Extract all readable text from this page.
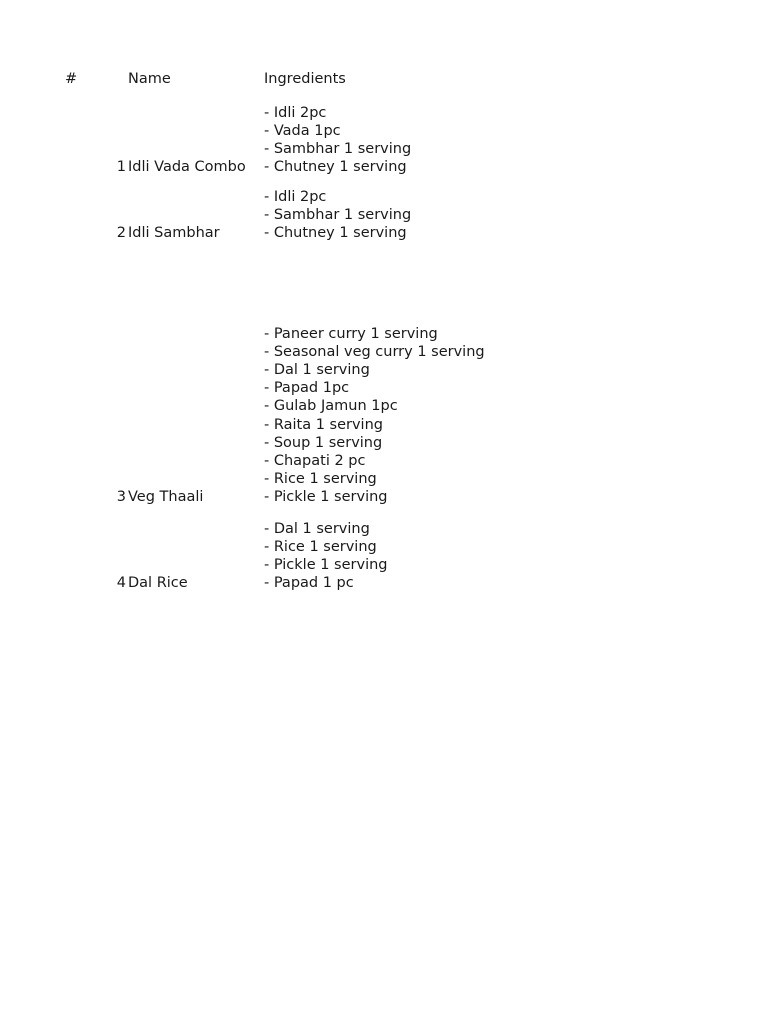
#	Name	Ingredients
1 Idli Vada Combo
- Idli 2pc
- Vada 1pc
- Sambhar 1 serving
- Chutney 1 serving
2 Idli Sambhar
- Idli 2pc
- Sambhar 1 serving
- Chutney 1 serving
3 Veg Thaali
- Paneer curry 1 serving
- Seasonal veg curry 1 serving
- Dal 1 serving
- Papad 1pc
- Gulab Jamun 1pc
- Raita 1 serving
- Soup 1 serving
- Chapati 2 pc
- Rice 1 serving
- Pickle 1 serving
4 Dal Rice
- Dal 1 serving
- Rice 1 serving
- Pickle 1 serving
- Papad 1 pc
